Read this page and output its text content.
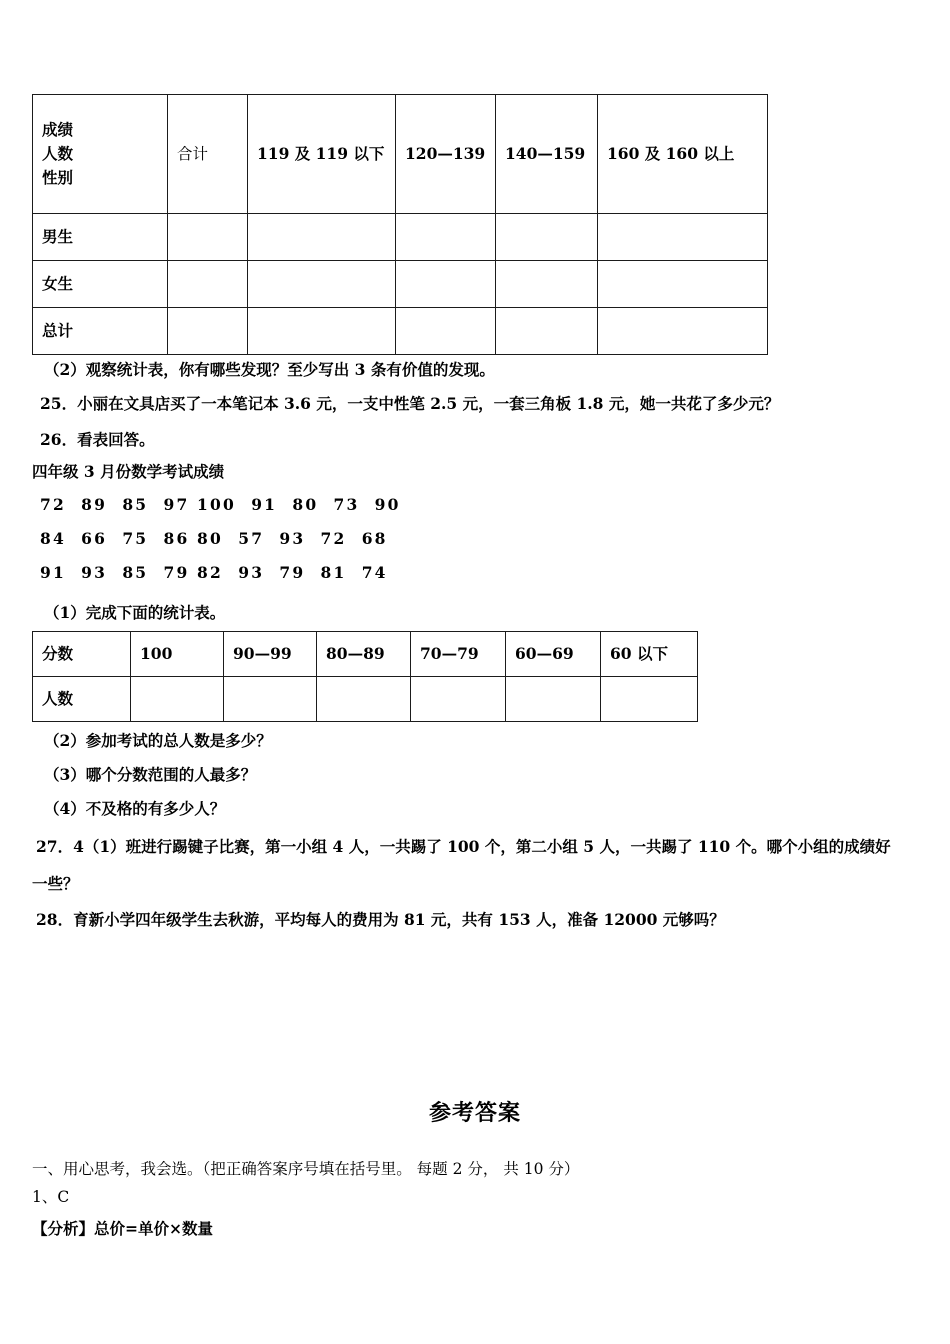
成绩
人数
性别	合计	119 及 119 以下	120—139	140—159	160 及 160 以上
男生					
女生					
总计					
（2）观察统计表，你有哪些发现？至少写出 3 条有价值的发现。
25．小丽在文具店买了一本笔记本 3.6 元，一支中性笔 2.5 元，一套三角板 1.8 元，她一共花了多少元？
26．看表回答。
四年级 3 月份数学考试成绩
72  89  85  97 100  91  80  73  90
84  66  75  86 80  57  93  72  68
91  93  85  79 82  93  79  81  74
（1）完成下面的统计表。
分数	100	90—99	80—89	70—79	60—69	60 以下
人数						
（2）参加考试的总人数是多少？
（3）哪个分数范围的人最多？
（4）不及格的有多少人？
27．4（1）班进行踢键子比赛，第一小组 4 人，一共踢了 100 个，第二小组 5 人，一共踢了 110 个。哪个小组的成绩好
一些？
28．育新小学四年级学生去秋游，平均每人的费用为 81 元，共有 153 人，准备 12000 元够吗？
参考答案
一、用心思考，我会选。（把正确答案序号填在括号里。 每题 2 分， 共 10 分）
1、C
【分析】总价=单价×数量
